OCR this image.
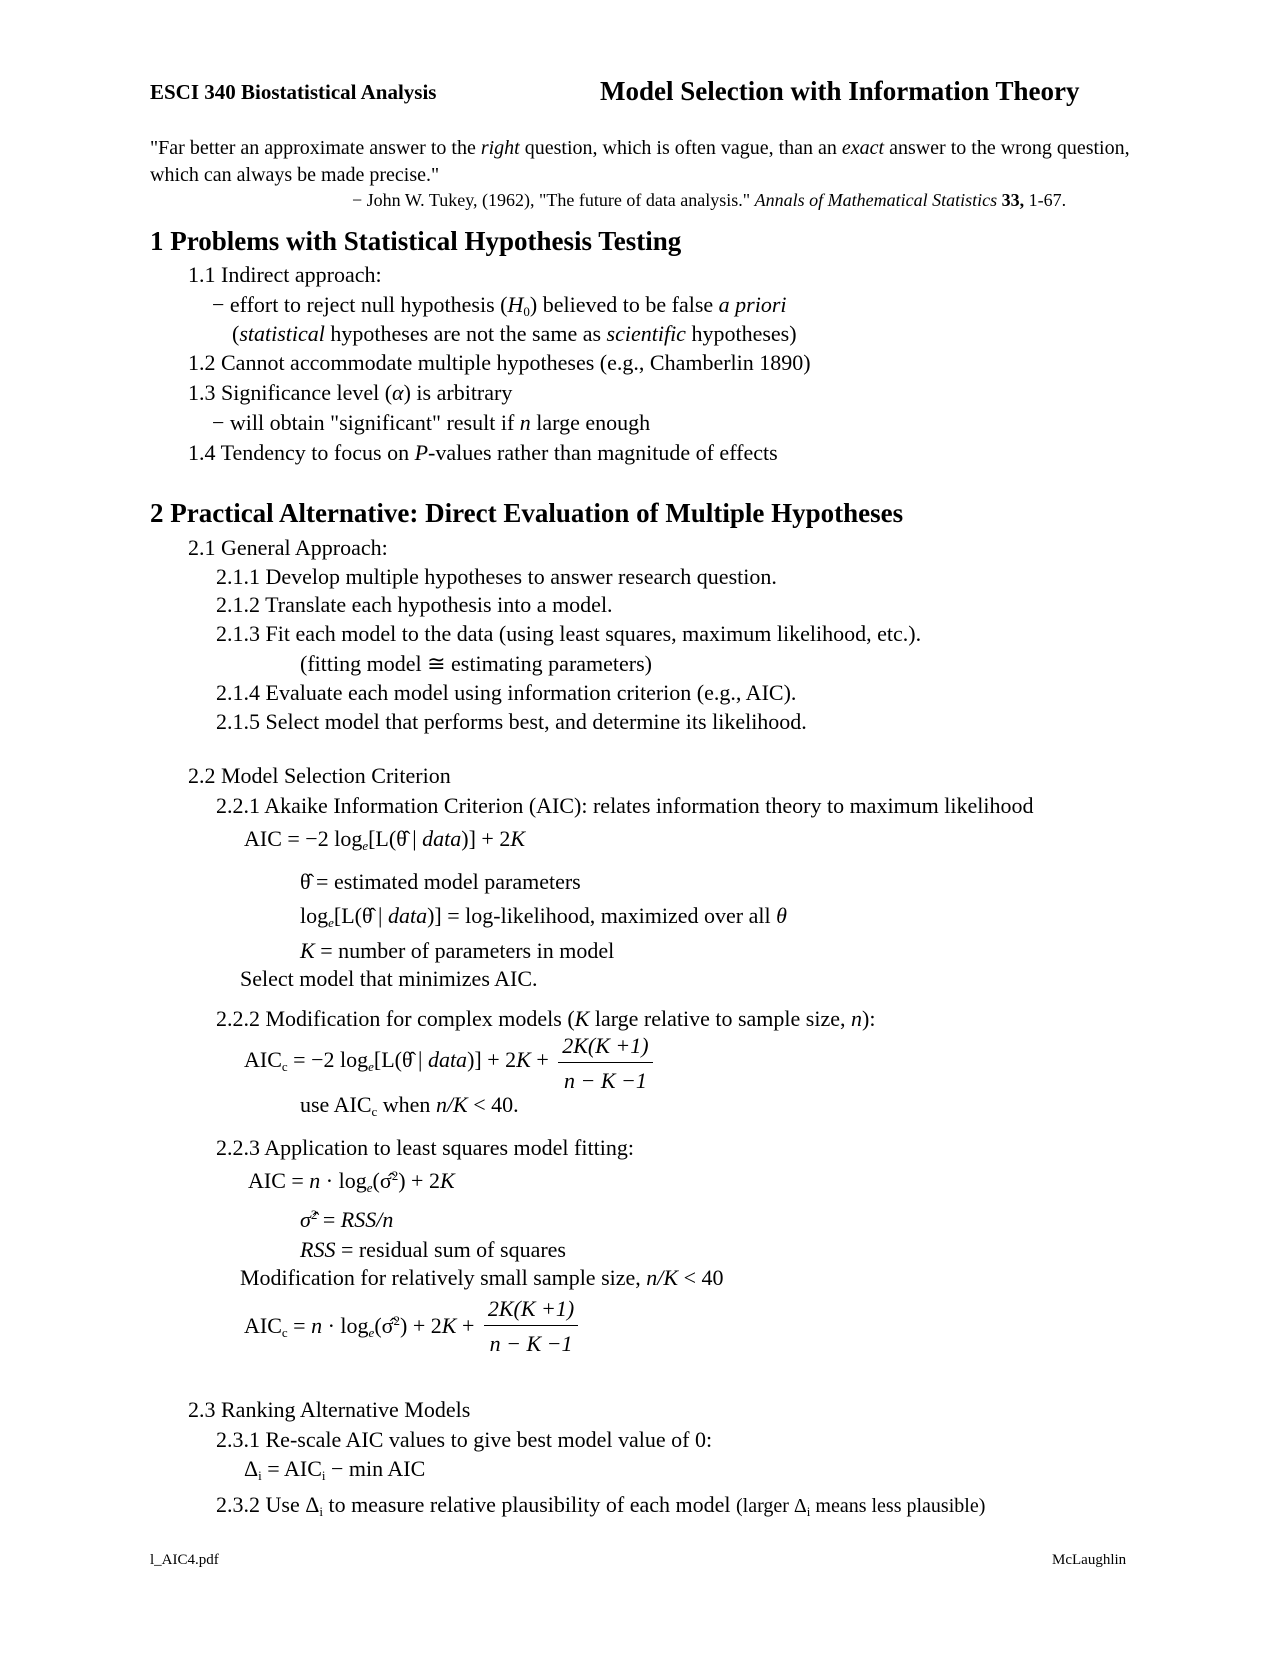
ESCI 340 Biostatistical Analysis	Model Selection with Information Theory
"Far better an approximate answer to the right question, which is often vague, than an exact answer to the wrong question, which can always be made precise."
− John W. Tukey, (1962), "The future of data analysis." Annals of Mathematical Statistics 33, 1-67.
1 Problems with Statistical Hypothesis Testing
1.1 Indirect approach:
− effort to reject null hypothesis $(H_0)$ believed to be false a priori
(statistical hypotheses are not the same as scientific hypotheses)
1.2 Cannot accommodate multiple hypotheses (e.g., Chamberlin 1890)
1.3 Significance level (α) is arbitrary
− will obtain "significant" result if n large enough
1.4 Tendency to focus on P-values rather than magnitude of effects
2 Practical Alternative: Direct Evaluation of Multiple Hypotheses
2.1 General Approach:
2.1.1 Develop multiple hypotheses to answer research question.
2.1.2 Translate each hypothesis into a model.
2.1.3 Fit each model to the data (using least squares, maximum likelihood, etc.).
(fitting model ≅ estimating parameters)
2.1.4 Evaluate each model using information criterion (e.g., AIC).
2.1.5 Select model that performs best, and determine its likelihood.
2.2 Model Selection Criterion
2.2.1 Akaike Information Criterion (AIC): relates information theory to maximum likelihood
AIC = −2 $\log_e[L(\thetâ$ | data)] + 2K
θ̂ = estimated model parameters
$\log_e[L(\thetâ$ | data)] = log-likelihood, maximized over all θ
K = number of parameters in model
Select model that minimizes AIC.
2.2.2 Modification for complex models (K large relative to sample size, n):
$AIC_c = -2$ $\log_e[L(\thetâ$ | data)] + $2K + \frac{2K(K +1)}{n - K -1}$
use $AIC_c$ when n/K < 40.
2.2.3 Application to least squares model fitting:
AIC = $n \cdot \log_e(\sigmâ^2) + 2K$
σ̂$^2$ = RSS/n
RSS = residual sum of squares
Modification for relatively small sample size, n/K < 40
$AIC_c = n$ · $\log_e(\sigmâ^2) + 2K + \frac{2K(K +1)}{n - K -1}$
2.3 Ranking Alternative Models
2.3.1 Re-scale AIC values to give best model value of 0:
$\Delta_i = AIC_i - \min$ AIC
2.3.2 Use $\Delta_i$ to measure relative plausibility of each model (larger $\Delta_i$ means less plausible)
l_AIC4.pdf	McLaughlin
